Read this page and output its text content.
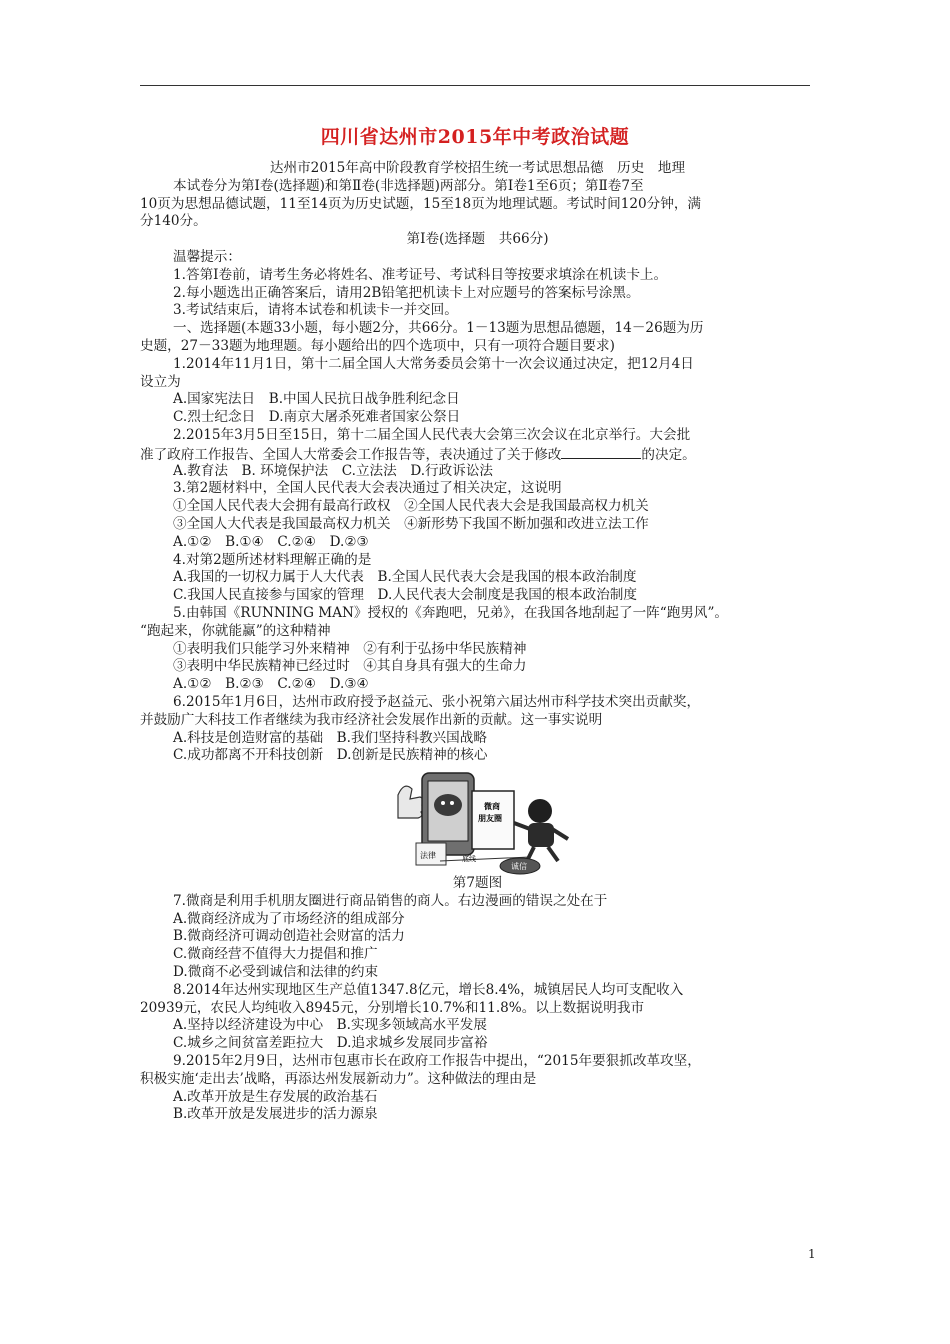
四川省达州市2015年中考政治试题
达州市2015年高中阶段教育学校招生统一考试思想品德　历史　地理
本试卷分为第Ⅰ卷(选择题)和第Ⅱ卷(非选择题)两部分。第Ⅰ卷1至6页；第Ⅱ卷7至
10页为思想品德试题，11至14页为历史试题，15至18页为地理试题。考试时间120分钟，满
分140分。
第Ⅰ卷(选择题　共66分)
温馨提示：
1.答第Ⅰ卷前，请考生务必将姓名、准考证号、考试科目等按要求填涂在机读卡上。
2.每小题选出正确答案后，请用2B铅笔把机读卡上对应题号的答案标号涂黑。
3.考试结束后，请将本试卷和机读卡一并交回。
一、选择题(本题33小题，每小题2分，共66分。1－13题为思想品德题，14－26题为历
史题，27－33题为地理题。每小题给出的四个选项中，只有一项符合题目要求)
1.2014年11月1日，第十二届全国人大常务委员会第十一次会议通过决定，把12月4日
设立为
A.国家宪法日　B.中国人民抗日战争胜利纪念日
C.烈士纪念日　D.南京大屠杀死难者国家公祭日
2.2015年3月5日至15日，第十二届全国人民代表大会第三次会议在北京举行。大会批
准了政府工作报告、全国人大常委会工作报告等，表决通过了关于修改	的决定。
A.教育法　B. 环境保护法　C.立法法　D.行政诉讼法
3.第2题材料中，全国人民代表大会表决通过了相关决定，这说明
①全国人民代表大会拥有最高行政权　②全国人民代表大会是我国最高权力机关
③全国人大代表是我国最高权力机关　④新形势下我国不断加强和改进立法工作
A.①②　B.①④　C.②④　D.②③
4.对第2题所述材料理解正确的是
A.我国的一切权力属于人大代表　B.全国人民代表大会是我国的根本政治制度
C.我国人民直接参与国家的管理　D.人民代表大会制度是我国的根本政治制度
5.由韩国《RUNNING MAN》授权的《奔跑吧，兄弟》，在我国各地刮起了一阵“跑男风”。
“跑起来，你就能赢”的这种精神
①表明我们只能学习外来精神　②有利于弘扬中华民族精神
③表明中华民族精神已经过时　④其自身具有强大的生命力
A.①②　B.②③　C.②④　D.③④
6.2015年1月6日，达州市政府授予赵益元、张小祝第六届达州市科学技术突出贡献奖，
并鼓励广大科技工作者继续为我市经济社会发展作出新的贡献。这一事实说明
A.科技是创造财富的基础　B.我们坚持科教兴国战略
C.成功都离不开科技创新　D.创新是民族精神的核心
法律
微商
朋友圈
底线
诚信
第7题图
7.微商是利用手机朋友圈进行商品销售的商人。右边漫画的错误之处在于
A.微商经济成为了市场经济的组成部分
B.微商经济可调动创造社会财富的活力
C.微商经营不值得大力提倡和推广
D.微商不必受到诚信和法律的约束
8.2014年达州实现地区生产总值1347.8亿元，增长8.4%，城镇居民人均可支配收入
20939元，农民人均纯收入8945元，分别增长10.7%和11.8%。以上数据说明我市
A.坚持以经济建设为中心　B.实现多领域高水平发展
C.城乡之间贫富差距拉大　D.追求城乡发展同步富裕
9.2015年2月9日，达州市包惠市长在政府工作报告中提出，“2015年要狠抓改革攻坚，
积极实施‘走出去’战略，再添达州发展新动力”。这种做法的理由是
A.改革开放是生存发展的政治基石
B.改革开放是发展进步的活力源泉
1
